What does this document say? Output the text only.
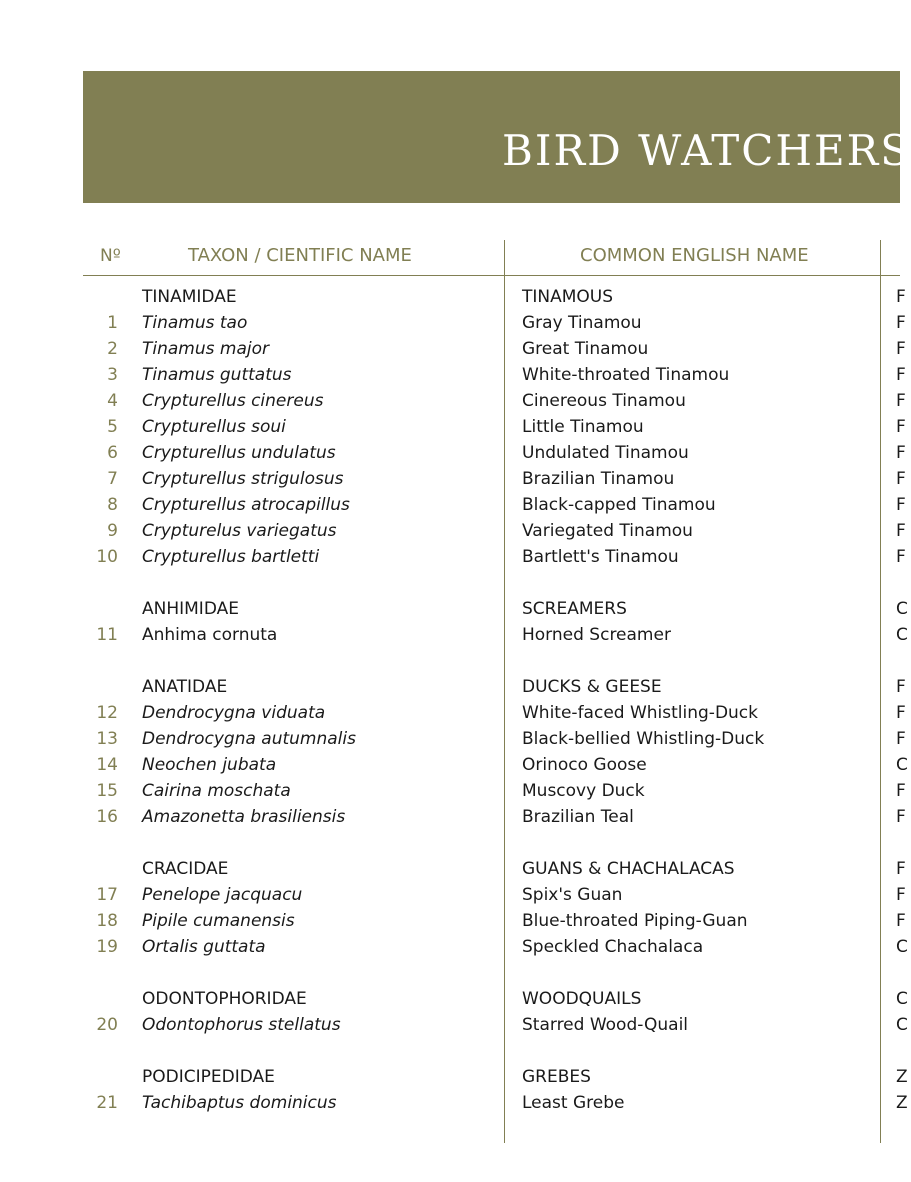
BIRD WATCHERS
Nº	TAXON / CIENTIFIC NAME	COMMON ENGLISH NAME
TINAMIDAE	TINAMOUS	F
1 Tinamus tao	Gray Tinamou	F
2 Tinamus major	Great Tinamou	F
3 Tinamus guttatus	White-throated Tinamou	F
4 Crypturellus cinereus	Cinereous Tinamou	F
5 Crypturellus soui	Little Tinamou	F
6 Crypturellus undulatus	Undulated Tinamou	F
7 Crypturellus strigulosus	Brazilian Tinamou	F
8 Crypturellus atrocapillus	Black-capped Tinamou	F
9 Crypturelus variegatus	Variegated Tinamou	F
10 Crypturellus bartletti	Bartlett's Tinamou	F
ANHIMIDAE	SCREAMERS	C
11 Anhima cornuta	Horned Screamer	C
ANATIDAE	DUCKS & GEESE	F
12 Dendrocygna viduata	White-faced Whistling-Duck	F
13 Dendrocygna autumnalis	Black-bellied Whistling-Duck	F
14 Neochen jubata	Orinoco Goose	C
15 Cairina moschata	Muscovy Duck	F
16 Amazonetta brasiliensis	Brazilian Teal	F
CRACIDAE	GUANS & CHACHALACAS	F
17 Penelope jacquacu	Spix's Guan	F
18 Pipile cumanensis	Blue-throated Piping-Guan	F
19 Ortalis guttata	Speckled Chachalaca	C
ODONTOPHORIDAE	WOODQUAILS	C
20 Odontophorus stellatus	Starred Wood-Quail	C
PODICIPEDIDAE	GREBES	Z
21 Tachibaptus dominicus	Least Grebe	Z
